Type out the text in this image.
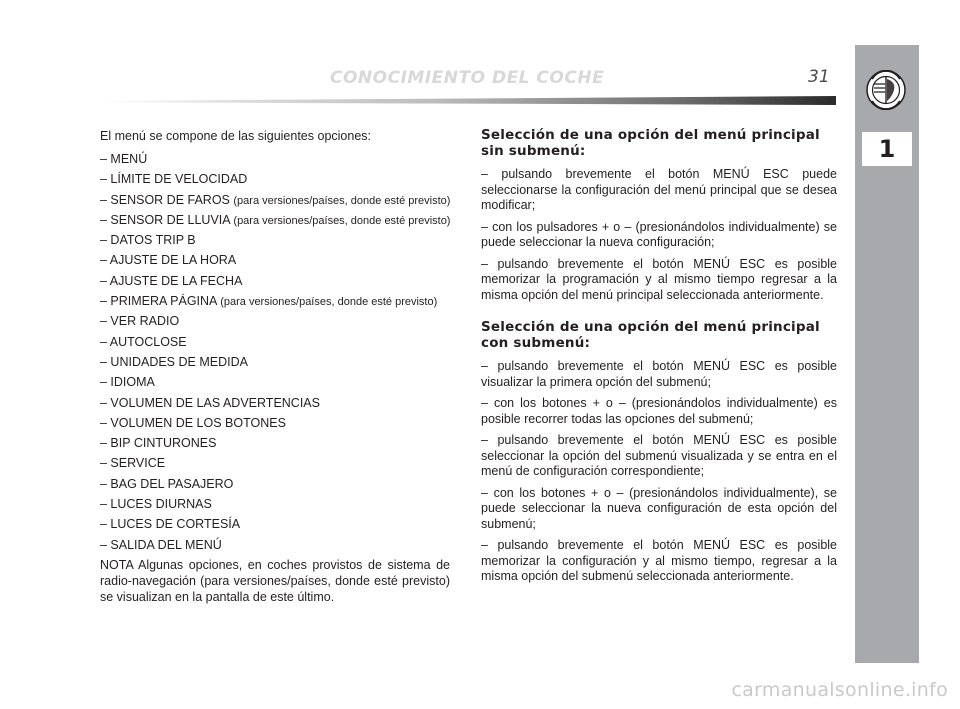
CONOCIMIENTO DEL COCHE	31
1

El menú se compone de las siguientes opciones:

– MENÚ
– LÍMITE DE VELOCIDAD
– SENSOR DE FAROS (para versiones/países, donde esté previsto)
– SENSOR DE LLUVIA (para versiones/países, donde esté previsto)
– DATOS TRIP B
– AJUSTE DE LA HORA
– AJUSTE DE LA FECHA
– PRIMERA PÁGINA (para versiones/países, donde esté previsto)
– VER RADIO
– AUTOCLOSE
– UNIDADES DE MEDIDA
– IDIOMA
– VOLUMEN DE LAS ADVERTENCIAS
– VOLUMEN DE LOS BOTONES
– BIP CINTURONES
– SERVICE
– BAG DEL PASAJERO
– LUCES DIURNAS
– LUCES DE CORTESÍA
– SALIDA DEL MENÚ

NOTA Algunas opciones, en coches provistos de sistema de radio-navegación (para versiones/países, donde esté previsto) se visualizan en la pantalla de este último.

Selección de una opción del menú principal sin submenú:

– pulsando brevemente el botón MENÚ ESC puede seleccionarse la configuración del menú principal que se desea modificar;

– con los pulsadores + o – (presionándolos individualmente) se puede seleccionar la nueva configuración;

– pulsando brevemente el botón MENÚ ESC es posible memorizar la programación y al mismo tiempo regresar a la misma opción del menú principal seleccionada anteriormente.

Selección de una opción del menú principal con submenú:

– pulsando brevemente el botón MENÚ ESC es posible visualizar la primera opción del submenú;

– con los botones + o – (presionándolos individualmente) es posible recorrer todas las opciones del submenú;

– pulsando brevemente el botón MENÚ ESC es posible seleccionar la opción del submenú visualizada y se entra en el menú de configuración correspondiente;

– con los botones + o – (presionándolos individualmente), se puede seleccionar la nueva configuración de esta opción del submenú;

– pulsando brevemente el botón MENÚ ESC es posible memorizar la configuración y al mismo tiempo, regresar a la misma opción del submenú seleccionada anteriormente.

carmanualsonline.info
